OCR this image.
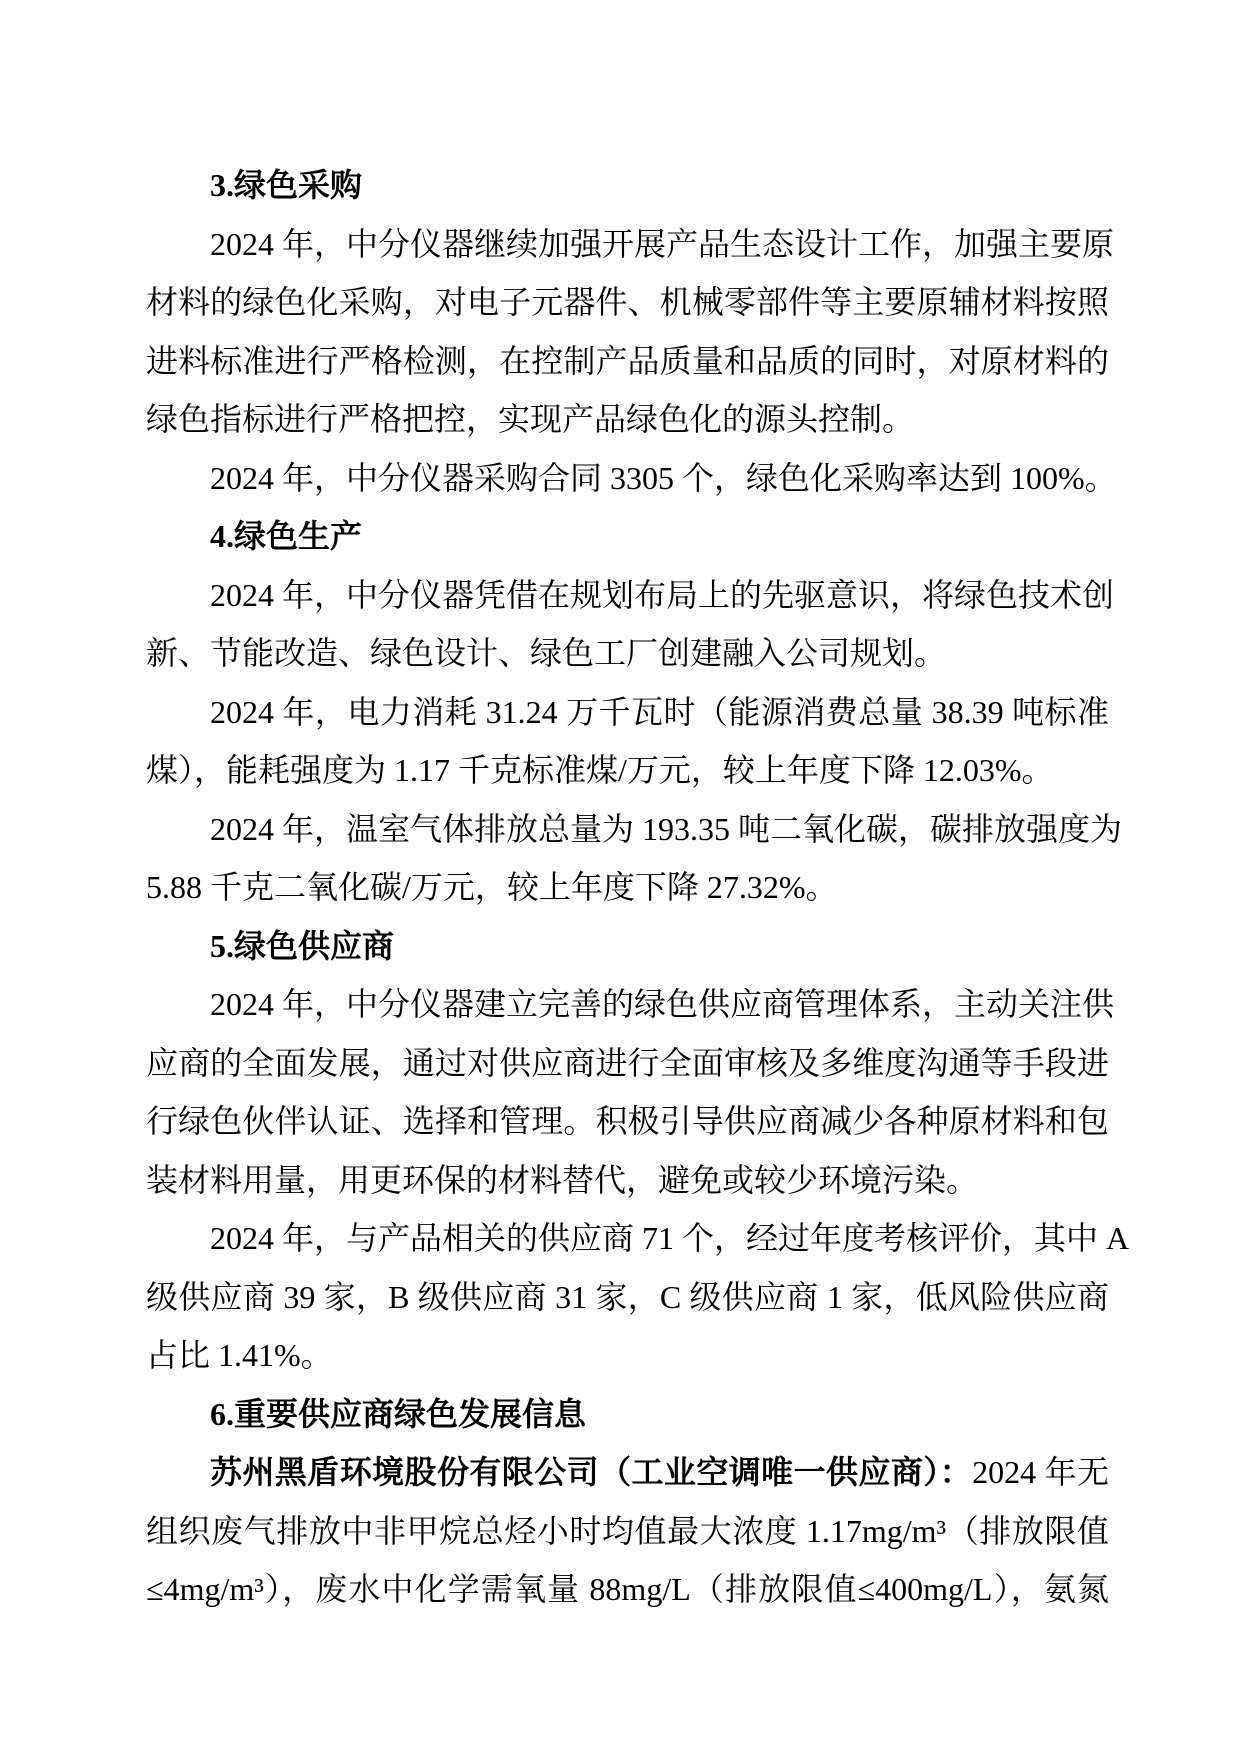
3.绿色采购
2024 年，中分仪器继续加强开展产品生态设计工作，加强主要原
材料的绿色化采购，对电子元器件、机械零部件等主要原辅材料按照
进料标准进行严格检测，在控制产品质量和品质的同时，对原材料的
绿色指标进行严格把控，实现产品绿色化的源头控制。
2024 年，中分仪器采购合同 3305 个，绿色化采购率达到 100%。
4.绿色生产
2024 年，中分仪器凭借在规划布局上的先驱意识，将绿色技术创
新、节能改造、绿色设计、绿色工厂创建融入公司规划。
2024 年，电力消耗 31.24 万千瓦时（能源消费总量 38.39 吨标准
煤），能耗强度为 1.17 千克标准煤/万元，较上年度下降 12.03%。
2024 年，温室气体排放总量为 193.35 吨二氧化碳，碳排放强度为
5.88 千克二氧化碳/万元，较上年度下降 27.32%。
5.绿色供应商
2024 年，中分仪器建立完善的绿色供应商管理体系，主动关注供
应商的全面发展，通过对供应商进行全面审核及多维度沟通等手段进
行绿色伙伴认证、选择和管理。积极引导供应商减少各种原材料和包
装材料用量，用更环保的材料替代，避免或较少环境污染。
2024 年，与产品相关的供应商 71 个，经过年度考核评价，其中 A
级供应商 39 家，B 级供应商 31 家，C 级供应商 1 家，低风险供应商
占比 1.41%。
6.重要供应商绿色发展信息
苏州黑盾环境股份有限公司（工业空调唯一供应商）：2024 年无
组织废气排放中非甲烷总烃小时均值最大浓度 1.17mg/m³（排放限值
≤4mg/m³），废水中化学需氧量 88mg/L（排放限值≤400mg/L），氨氮
